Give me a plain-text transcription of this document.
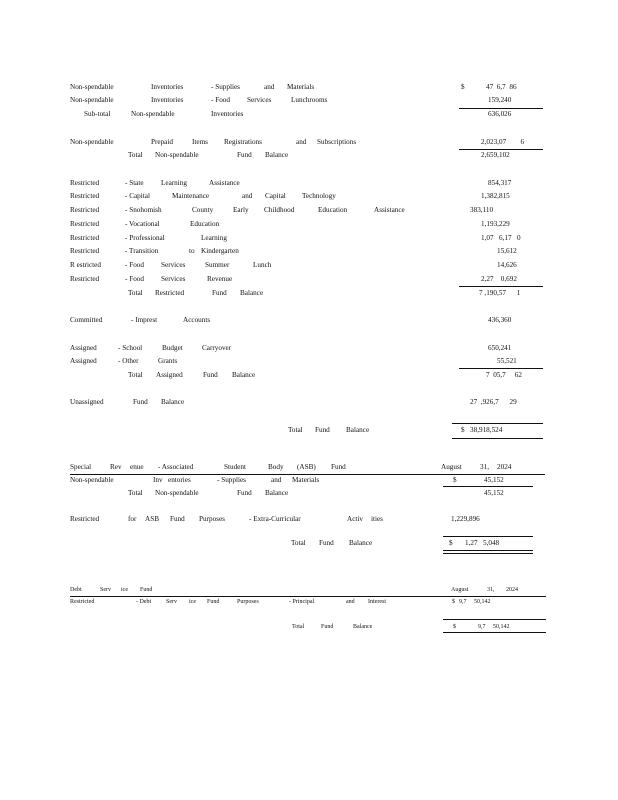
Non-spendable	Inventories	- Supplies	and Materials	$	47  6,7  86
Non-spendable	Inventories	- Food Services	Lunchrooms	159,240
Sub-total	Non-spendable	Inventories	636,026
Non-spendable	Prepaid	Items Registrations	and Subscriptions	2,023,07        6
Total Non-spendable	Fund Balance	2,659,102
Restricted	- State Learning	Assistance	854,317
Restricted	- Capital	Maintenance	and Capital Technology	1,382,815
Restricted	- Snohomish	County	Early Childhood	Education	Assistance	383,110
Restricted	- Vocational	Education	1,193,229
Restricted	- Professional	Learning	1,07   6,17   0
Restricted	- Transition	to Kindergarten	15,612
R estricted	- Food Services	Summer	Lunch	14,626
Restricted	- Food Services	Revenue	2,27    0,692
Total Restricted	Fund Balance	7 ,190,57      1
Committed	- Imprest	Accounts	436,360
Assigned	- School	Budget	Carryover	650,241
Assigned	- Other	Grants	55,521
Total Assigned	Fund Balance	7  05,7     62
Unassigned	Fund Balance	27  ,926,7      29
Total Fund Balance	$ 38,918,524
Special	Rev enue - Associated	Student	Body (ASB) Fund	August	31, 2024
Non-spendable	Inv entories	- Supplies	and Materials	$	45,152
Total Non-spendable	Fund Balance	45,152
Restricted	for ASB Fund Purposes	- Extra-Curricular	Activ ities	1,229,896
Total Fund Balance	$ 1,27   5,048
Debt	Serv ice Fund	August	31, 2024
Restricted	- Debt Serv ice Fund	Purposes	- Principal	and Interest	$ 9,7     50,142
Total	Fund	Balance	$	9,7     50,142
